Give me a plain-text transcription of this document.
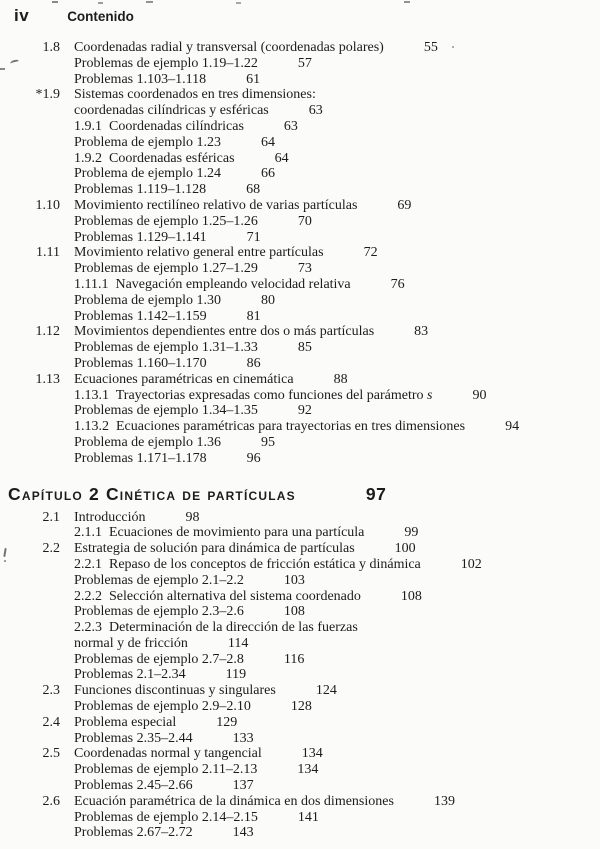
iv	Contenido
1.8 Coordenadas radial y transversal (coordenadas polares)	55
Problemas de ejemplo 1.19–1.22	57
Problemas 1.103–1.118	61
*1.9 Sistemas coordenados en tres dimensiones:
coordenadas cilíndricas y esféricas	63
1.9.1  Coordenadas cilíndricas	63
Problema de ejemplo 1.23	64
1.9.2  Coordenadas esféricas	64
Problema de ejemplo 1.24	66
Problemas 1.119–1.128	68
1.10 Movimiento rectilíneo relativo de varias partículas	69
Problemas de ejemplo 1.25–1.26	70
Problemas 1.129–1.141	71
1.11 Movimiento relativo general entre partículas	72
Problemas de ejemplo 1.27–1.29	73
1.11.1  Navegación empleando velocidad relativa	76
Problema de ejemplo 1.30	80
Problemas 1.142–1.159	81
1.12 Movimientos dependientes entre dos o más partículas	83
Problemas de ejemplo 1.31–1.33	85
Problemas 1.160–1.170	86
1.13 Ecuaciones paramétricas en cinemática	88
1.13.1  Trayectorias expresadas como funciones del parámetro s	90
Problemas de ejemplo 1.34–1.35	92
1.13.2  Ecuaciones paramétricas para trayectorias en tres dimensiones	94
Problema de ejemplo 1.36	95
Problemas 1.171–1.178	96
Capítulo 2 Cinética de partículas	97
2.1 Introducción	98
2.1.1  Ecuaciones de movimiento para una partícula	99
2.2 Estrategia de solución para dinámica de partículas	100
2.2.1  Repaso de los conceptos de fricción estática y dinámica	102
Problemas de ejemplo 2.1–2.2	103
2.2.2  Selección alternativa del sistema coordenado	108
Problemas de ejemplo 2.3–2.6	108
2.2.3  Determinación de la dirección de las fuerzas
normal y de fricción	114
Problemas de ejemplo 2.7–2.8	116
Problemas 2.1–2.34	119
2.3 Funciones discontinuas y singulares	124
Problemas de ejemplo 2.9–2.10	128
2.4 Problema especial	129
Problemas 2.35–2.44	133
2.5 Coordenadas normal y tangencial	134
Problemas de ejemplo 2.11–2.13	134
Problemas 2.45–2.66	137
2.6 Ecuación paramétrica de la dinámica en dos dimensiones	139
Problemas de ejemplo 2.14–2.15	141
Problemas 2.67–2.72	143
